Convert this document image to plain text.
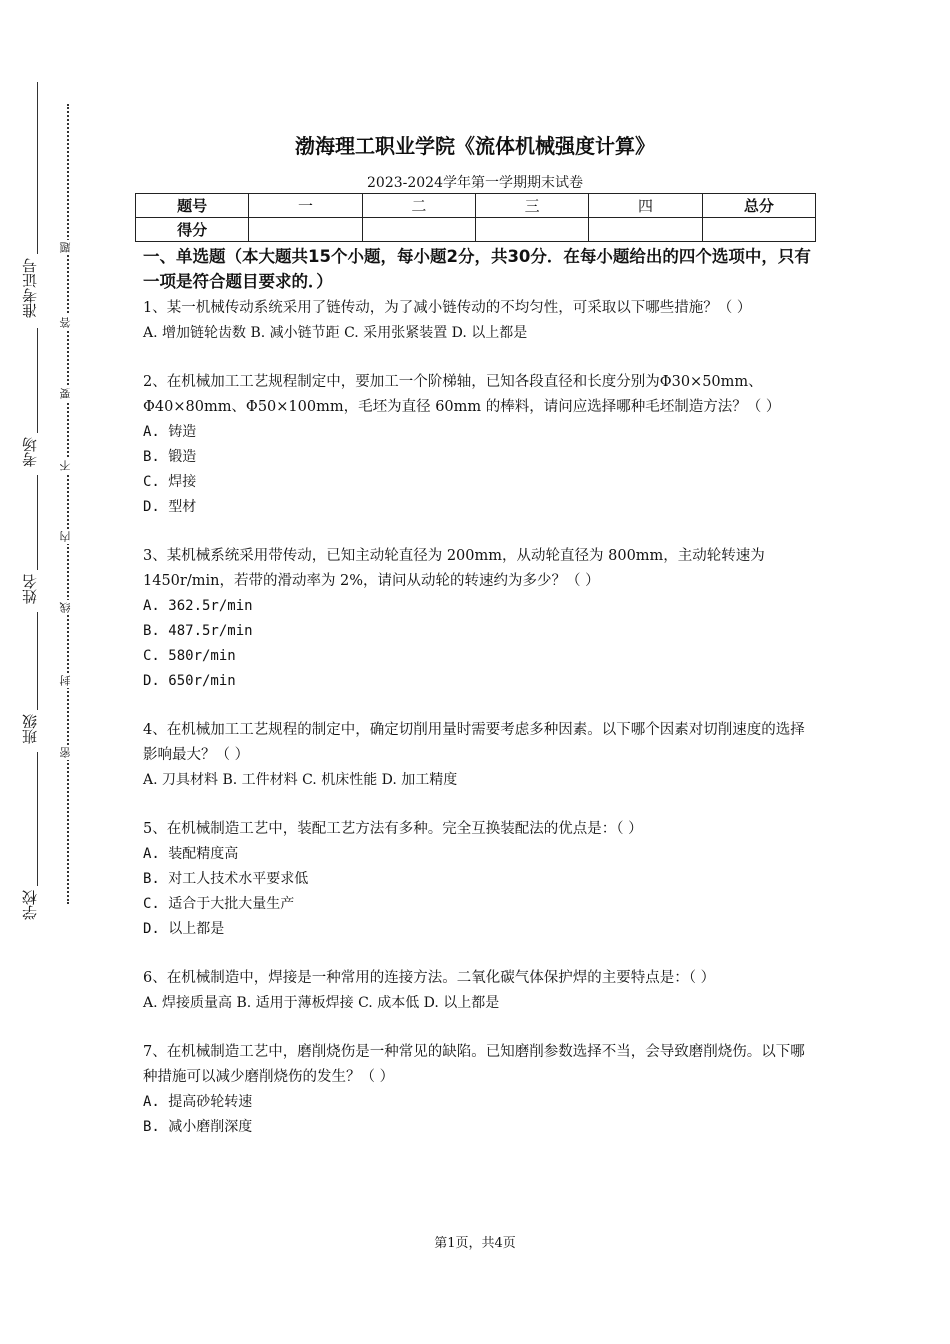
准考证号
考场
姓名
班级
学校
题
答
要
不
内
线
封
密
渤海理工职业学院《流体机械强度计算》
2023-2024学年第一学期期末试卷
题号	一	二	三	四	总分
得分					
一、单选题（本大题共15个小题，每小题2分，共30分．在每小题给出的四个选项中，只有一项是符合题目要求的．）

1、某一机械传动系统采用了链传动，为了减小链传动的不均匀性，可采取以下哪些措施？（ ）

A. 增加链轮齿数 B. 减小链节距 C. 采用张紧装置 D. 以上都是

2、在机械加工工艺规程制定中，要加工一个阶梯轴，已知各段直径和长度分别为Φ30×50mm、Φ40×80mm、Φ50×100mm，毛坯为直径 60mm 的棒料，请问应选择哪种毛坯制造方法？（ ）

A. 铸造

B. 锻造

C. 焊接

D. 型材

3、某机械系统采用带传动，已知主动轮直径为 200mm，从动轮直径为 800mm，主动轮转速为 1450r/min，若带的滑动率为 2%，请问从动轮的转速约为多少？（ ）

A. 362.5r/min

B. 487.5r/min

C. 580r/min

D. 650r/min

4、在机械加工工艺规程的制定中，确定切削用量时需要考虑多种因素。以下哪个因素对切削速度的选择影响最大？（ ）

A. 刀具材料 B. 工件材料 C. 机床性能 D. 加工精度

5、在机械制造工艺中，装配工艺方法有多种。完全互换装配法的优点是：（ ）

A. 装配精度高

B. 对工人技术水平要求低

C. 适合于大批大量生产

D. 以上都是

6、在机械制造中，焊接是一种常用的连接方法。二氧化碳气体保护焊的主要特点是：（ ）

A. 焊接质量高 B. 适用于薄板焊接 C. 成本低 D. 以上都是

7、在机械制造工艺中，磨削烧伤是一种常见的缺陷。已知磨削参数选择不当，会导致磨削烧伤。以下哪种措施可以减少磨削烧伤的发生？（ ）

A. 提高砂轮转速

B. 减小磨削深度

第1页，共4页
